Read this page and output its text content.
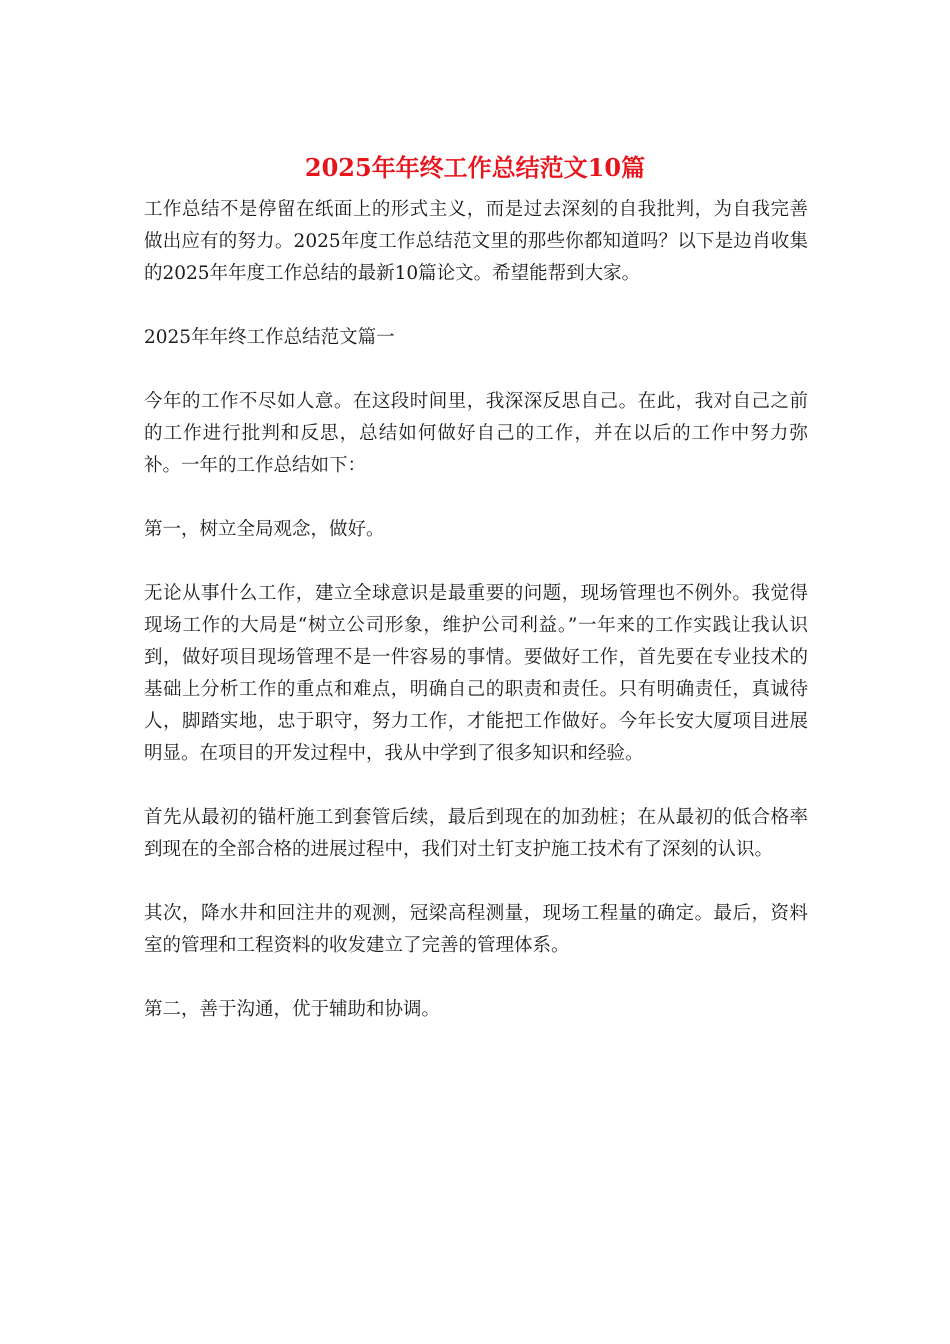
2025年年终工作总结范文10篇

工作总结不是停留在纸面上的形式主义，而是过去深刻的自我批判，为自我完善做出应有的努力。2025年度工作总结范文里的那些你都知道吗？以下是边肖收集的2025年年度工作总结的最新10篇论文。希望能帮到大家。

2025年年终工作总结范文篇一

今年的工作不尽如人意。在这段时间里，我深深反思自己。在此，我对自己之前的工作进行批判和反思，总结如何做好自己的工作，并在以后的工作中努力弥补。一年的工作总结如下：

第一，树立全局观念，做好。

无论从事什么工作，建立全球意识是最重要的问题，现场管理也不例外。我觉得现场工作的大局是“树立公司形象，维护公司利益。”一年来的工作实践让我认识到，做好项目现场管理不是一件容易的事情。要做好工作，首先要在专业技术的基础上分析工作的重点和难点，明确自己的职责和责任。只有明确责任，真诚待人，脚踏实地，忠于职守，努力工作，才能把工作做好。今年长安大厦项目进展明显。在项目的开发过程中，我从中学到了很多知识和经验。

首先从最初的锚杆施工到套管后续，最后到现在的加劲桩；在从最初的低合格率到现在的全部合格的进展过程中，我们对土钉支护施工技术有了深刻的认识。

其次，降水井和回注井的观测，冠梁高程测量，现场工程量的确定。最后，资料室的管理和工程资料的收发建立了完善的管理体系。

第二，善于沟通，优于辅助和协调。
